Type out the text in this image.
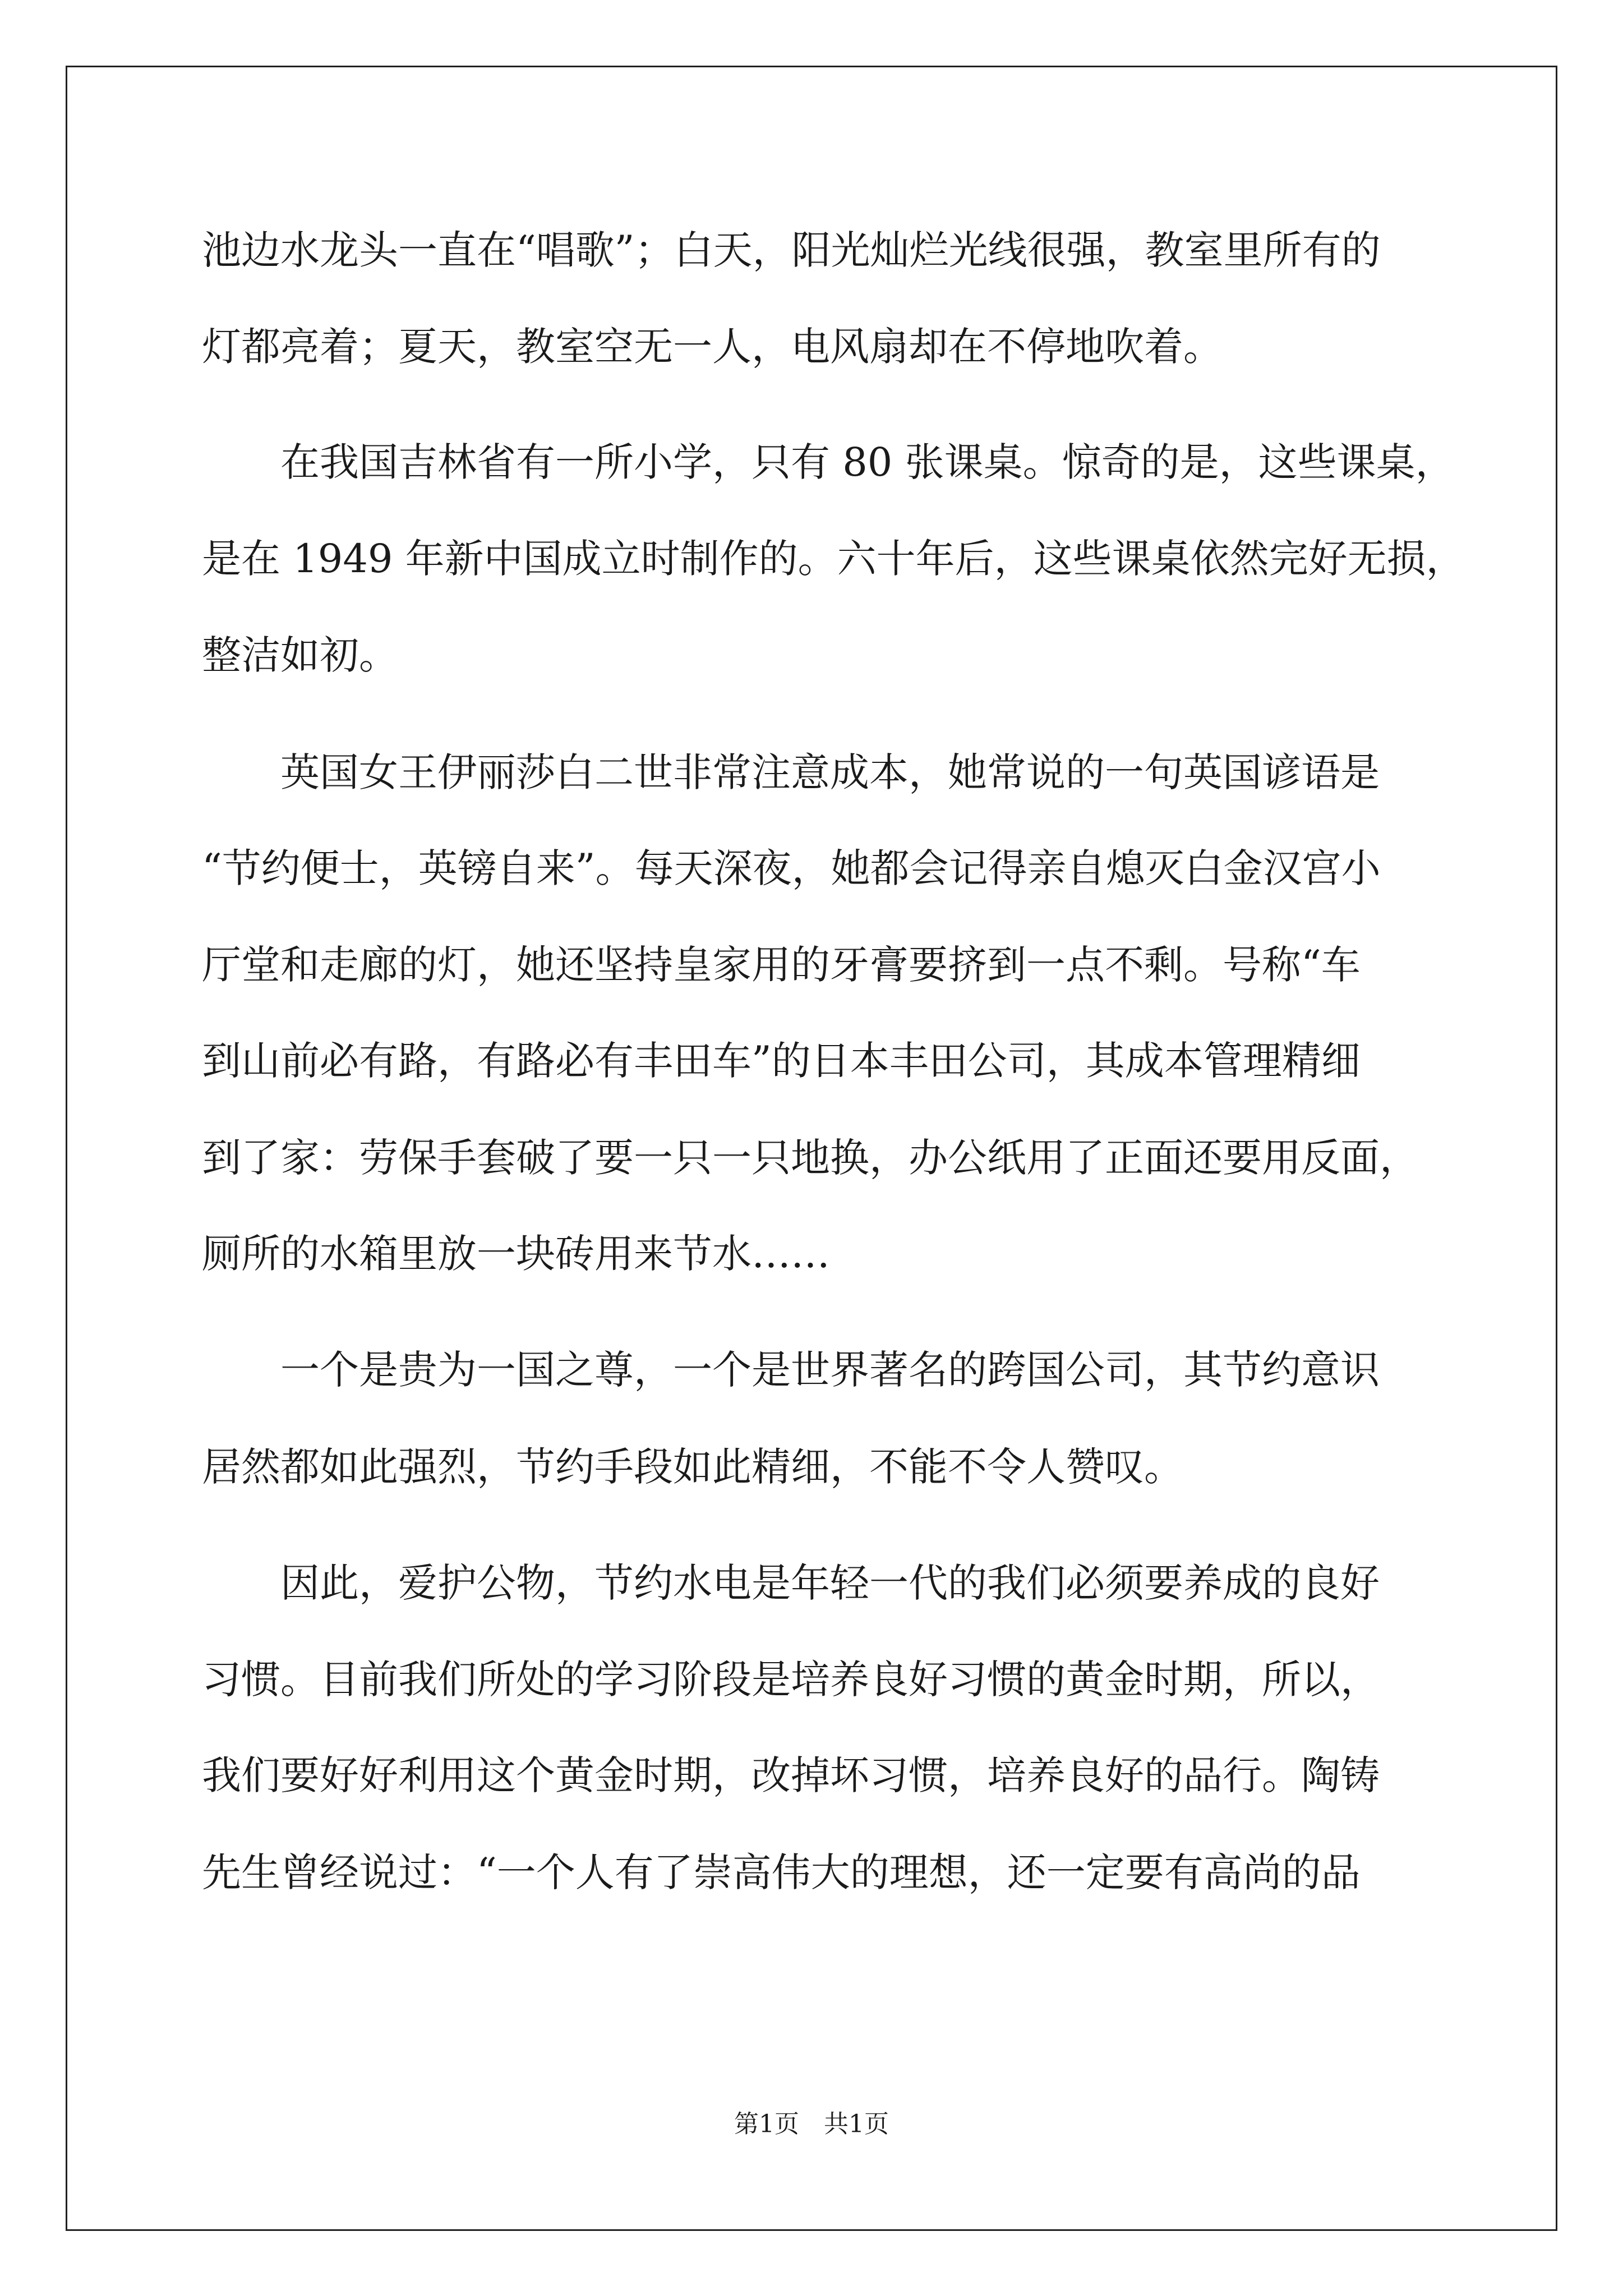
池边水龙头一直在“唱歌”；白天，阳光灿烂光线很强，教室里所有的
灯都亮着；夏天，教室空无一人，电风扇却在不停地吹着。
在我国吉林省有一所小学，只有 80 张课桌。惊奇的是，这些课桌，
是在 1949 年新中国成立时制作的。六十年后，这些课桌依然完好无损，
整洁如初。
英国女王伊丽莎白二世非常注意成本，她常说的一句英国谚语是
“节约便士，英镑自来”。每天深夜，她都会记得亲自熄灭白金汉宫小
厅堂和走廊的灯，她还坚持皇家用的牙膏要挤到一点不剩。号称“车
到山前必有路，有路必有丰田车”的日本丰田公司，其成本管理精细
到了家：劳保手套破了要一只一只地换，办公纸用了正面还要用反面，
厕所的水箱里放一块砖用来节水……
一个是贵为一国之尊，一个是世界著名的跨国公司，其节约意识
居然都如此强烈，节约手段如此精细，不能不令人赞叹。
因此，爱护公物，节约水电是年轻一代的我们必须要养成的良好
习惯。目前我们所处的学习阶段是培养良好习惯的黄金时期，所以，
我们要好好利用这个黄金时期，改掉坏习惯，培养良好的品行。陶铸
先生曾经说过：“一个人有了崇高伟大的理想，还一定要有高尚的品
第1页 共1页
